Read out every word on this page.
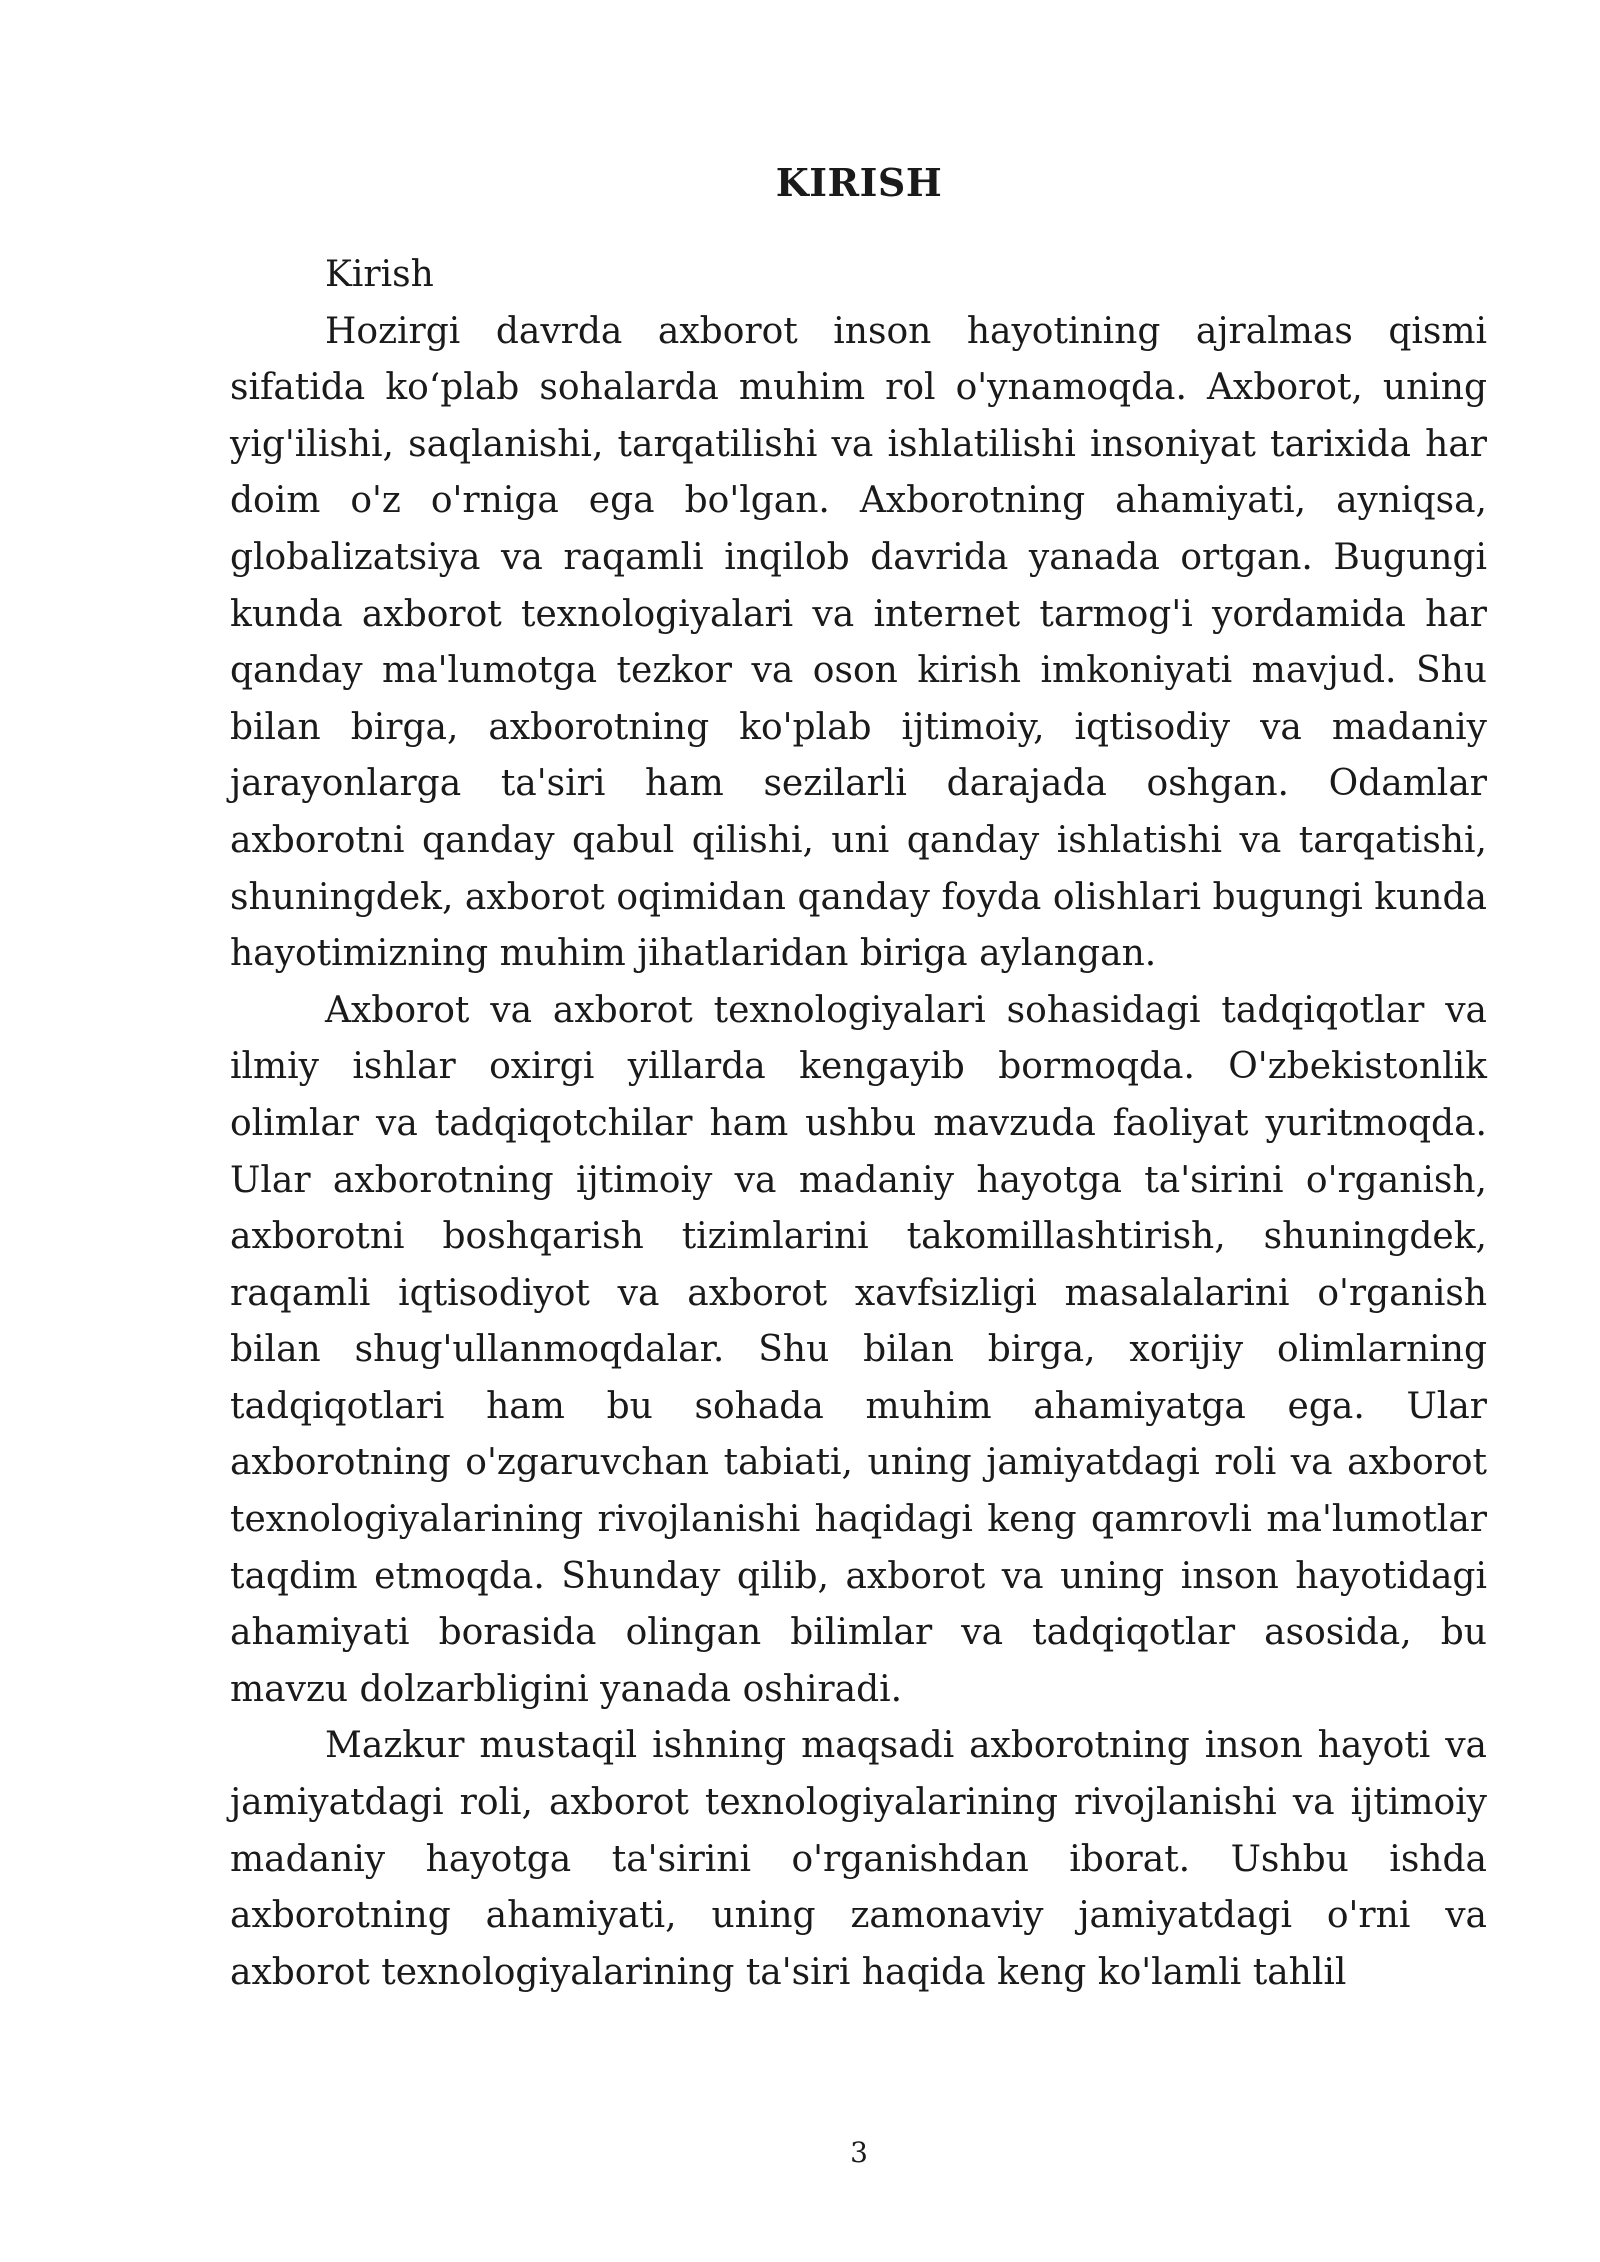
KIRISH

Kirish

Hozirgi davrda axborot inson hayotining ajralmas qismi sifatida koʻplab sohalarda muhim rol o'ynamoqda. Axborot, uning yig'ilishi, saqlanishi, tarqatilishi va ishlatilishi insoniyat tarixida har doim o'z o'rniga ega bo'lgan. Axborotning ahamiyati, ayniqsa, globalizatsiya va raqamli inqilob davrida yanada ortgan. Bugungi kunda axborot texnologiyalari va internet tarmog'i yordamida har qanday ma'lumotga tezkor va oson kirish imkoniyati mavjud. Shu bilan birga, axborotning ko'plab ijtimoiy, iqtisodiy va madaniy jarayonlarga ta'siri ham sezilarli darajada oshgan. Odamlar axborotni qanday qabul qilishi, uni qanday ishlatishi va tarqatishi, shuningdek, axborot oqimidan qanday foyda olishlari bugungi kunda hayotimizning muhim jihatlaridan biriga aylangan.

Axborot va axborot texnologiyalari sohasidagi tadqiqotlar va ilmiy ishlar oxirgi yillarda kengayib bormoqda. O'zbekistonlik olimlar va tadqiqotchilar ham ushbu mavzuda faoliyat yuritmoqda. Ular axborotning ijtimoiy va madaniy hayotga ta'sirini o'rganish, axborotni boshqarish tizimlarini takomillashtirish, shuningdek, raqamli iqtisodiyot va axborot xavfsizligi masalalarini o'rganish bilan shug'ullanmoqdalar. Shu bilan birga, xorijiy olimlarning tadqiqotlari ham bu sohada muhim ahamiyatga ega. Ular axborotning o'zgaruvchan tabiati, uning jamiyatdagi roli va axborot texnologiyalarining rivojlanishi haqidagi keng qamrovli ma'lumotlar taqdim etmoqda. Shunday qilib, axborot va uning inson hayotidagi ahamiyati borasida olingan bilimlar va tadqiqotlar asosida, bu mavzu dolzarbligini yanada oshiradi.

Mazkur mustaqil ishning maqsadi axborotning inson hayoti va jamiyatdagi roli, axborot texnologiyalarining rivojlanishi va ijtimoiy madaniy hayotga ta'sirini o'rganishdan iborat. Ushbu ishda axborotning ahamiyati, uning zamonaviy jamiyatdagi o'rni va axborot texnologiyalarining ta'siri haqida keng ko'lamli tahlil

3
